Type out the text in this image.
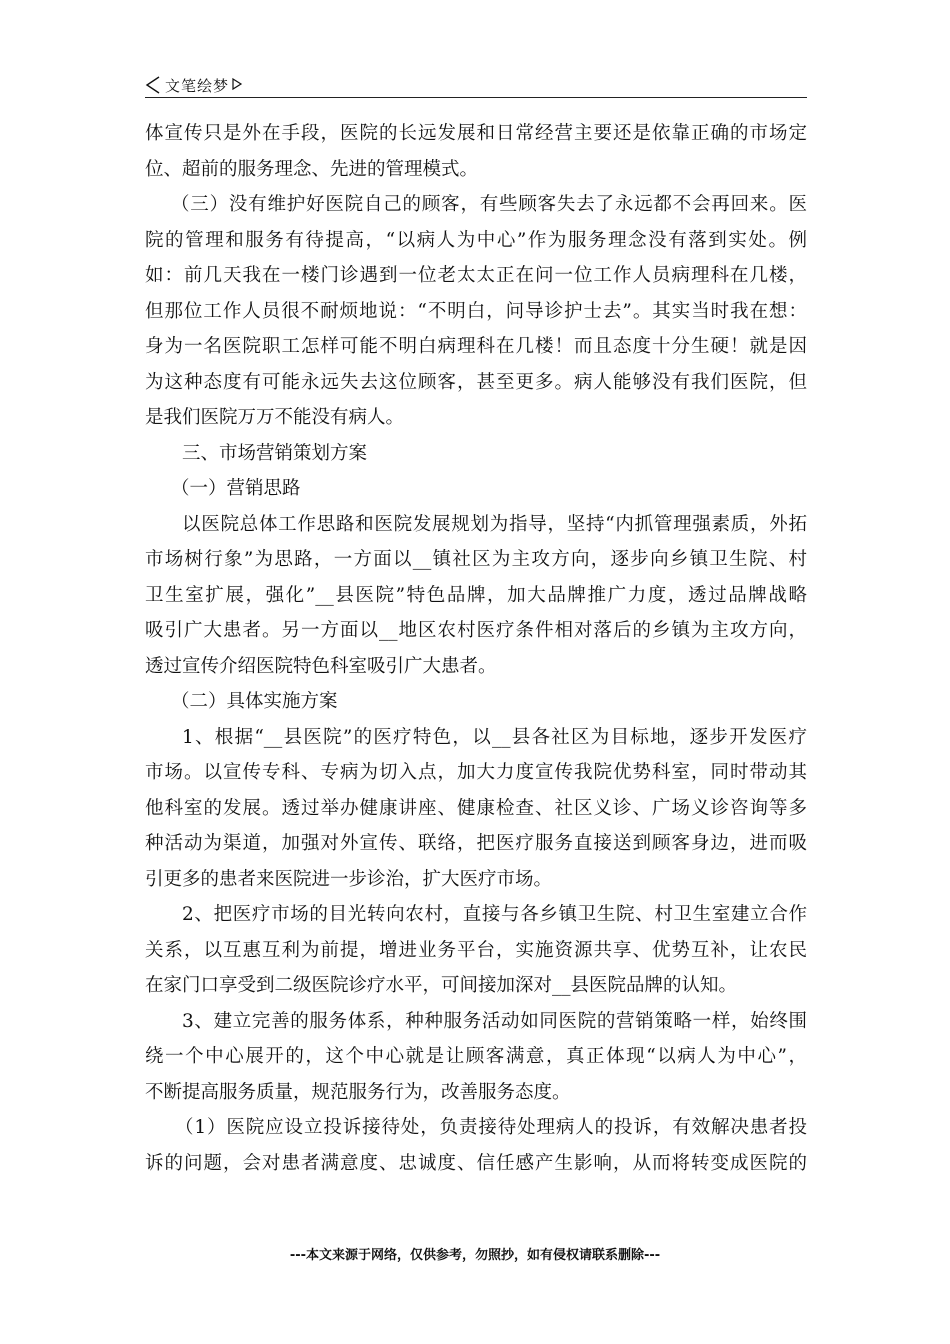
文笔绘梦
体宣传只是外在手段，医院的长远发展和日常经营主要还是依靠正确的市场定
位、超前的服务理念、先进的管理模式。
（三）没有维护好医院自己的顾客，有些顾客失去了永远都不会再回来。医
院的管理和服务有待提高，“以病人为中心”作为服务理念没有落到实处。例
如：前几天我在一楼门诊遇到一位老太太正在问一位工作人员病理科在几楼，
但那位工作人员很不耐烦地说：“不明白，问导诊护士去”。其实当时我在想：
身为一名医院职工怎样可能不明白病理科在几楼！而且态度十分生硬！就是因
为这种态度有可能永远失去这位顾客，甚至更多。病人能够没有我们医院，但
是我们医院万万不能没有病人。
三、市场营销策划方案
（一）营销思路
以医院总体工作思路和医院发展规划为指导，坚持“内抓管理强素质，外拓
市场树行象”为思路，一方面以__镇社区为主攻方向，逐步向乡镇卫生院、村
卫生室扩展，强化”__县医院”特色品牌，加大品牌推广力度，透过品牌战略
吸引广大患者。另一方面以__地区农村医疗条件相对落后的乡镇为主攻方向，
透过宣传介绍医院特色科室吸引广大患者。
（二）具体实施方案
1、根据“__县医院”的医疗特色，以__县各社区为目标地，逐步开发医疗
市场。以宣传专科、专病为切入点，加大力度宣传我院优势科室，同时带动其
他科室的发展。透过举办健康讲座、健康检查、社区义诊、广场义诊咨询等多
种活动为渠道，加强对外宣传、联络，把医疗服务直接送到顾客身边，进而吸
引更多的患者来医院进一步诊治，扩大医疗市场。
2、把医疗市场的目光转向农村，直接与各乡镇卫生院、村卫生室建立合作
关系，以互惠互利为前提，增进业务平台，实施资源共享、优势互补，让农民
在家门口享受到二级医院诊疗水平，可间接加深对__县医院品牌的认知。
3、建立完善的服务体系，种种服务活动如同医院的营销策略一样，始终围
绕一个中心展开的，这个中心就是让顾客满意，真正体现“以病人为中心”，
不断提高服务质量，规范服务行为，改善服务态度。
（1）医院应设立投诉接待处，负责接待处理病人的投诉，有效解决患者投
诉的问题，会对患者满意度、忠诚度、信任感产生影响，从而将转变成医院的
---本文来源于网络，仅供参考，勿照抄，如有侵权请联系删除---
